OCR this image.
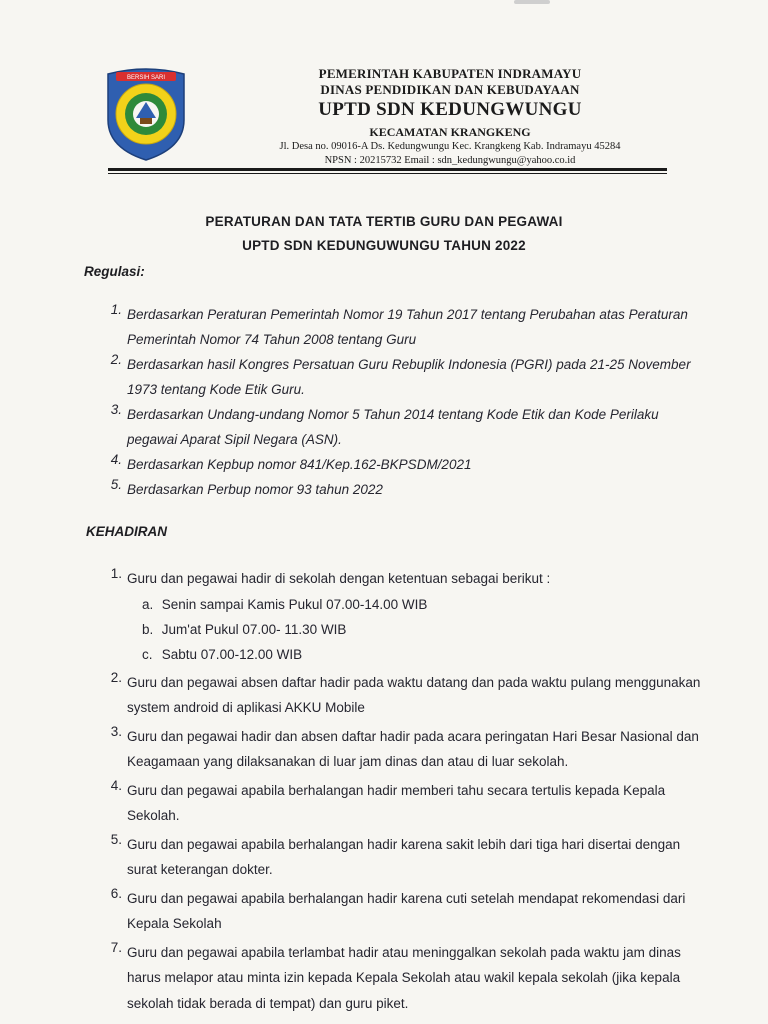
BERSIH SARI	PEMERINTAH KABUPATEN INDRAMAYU
DINAS PENDIDIKAN DAN KEBUDAYAAN
UPTD SDN KEDUNGWUNGU
KECAMATAN KRANGKENG
Jl. Desa no. 09016-A Ds. Kedungwungu Kec. Krangkeng Kab. Indramayu 45284
NPSN : 20215732 Email : sdn_kedungwungu@yahoo.co.id
PERATURAN DAN TATA TERTIB GURU DAN PEGAWAI
UPTD SDN KEDUNGUWUNGU TAHUN 2022
Regulasi:
1. Berdasarkan Peraturan Pemerintah Nomor 19 Tahun 2017 tentang Perubahan atas Peraturan Pemerintah Nomor 74 Tahun 2008 tentang Guru
2. Berdasarkan hasil Kongres Persatuan Guru Rebuplik Indonesia (PGRI) pada 21-25 November 1973 tentang Kode Etik Guru.
3. Berdasarkan Undang-undang Nomor 5 Tahun 2014 tentang Kode Etik dan Kode Perilaku pegawai Aparat Sipil Negara (ASN).
4. Berdasarkan Kepbup nomor 841/Kep.162-BKPSDM/2021
5. Berdasarkan Perbup nomor 93 tahun 2022
KEHADIRAN
1. Guru dan pegawai hadir di sekolah dengan ketentuan sebagai berikut :
a. Senin sampai Kamis Pukul 07.00-14.00 WIB
b. Jum'at Pukul 07.00- 11.30 WIB
c. Sabtu 07.00-12.00 WIB
2. Guru dan pegawai absen daftar hadir pada waktu datang dan pada waktu pulang menggunakan system android di aplikasi AKKU Mobile
3. Guru dan pegawai hadir dan absen daftar hadir pada acara peringatan Hari Besar Nasional dan Keagamaan yang dilaksanakan di luar jam dinas dan atau di luar sekolah.
4. Guru dan pegawai apabila berhalangan hadir memberi tahu secara tertulis kepada Kepala Sekolah.
5. Guru dan pegawai apabila berhalangan hadir karena sakit lebih dari tiga hari disertai dengan surat keterangan dokter.
6. Guru dan pegawai apabila berhalangan hadir karena cuti setelah mendapat rekomendasi dari Kepala Sekolah
7. Guru dan pegawai apabila terlambat hadir atau meninggalkan sekolah pada waktu jam dinas harus melapor atau minta izin kepada Kepala Sekolah atau wakil kepala sekolah (jika kepala sekolah tidak berada di tempat) dan guru piket.
